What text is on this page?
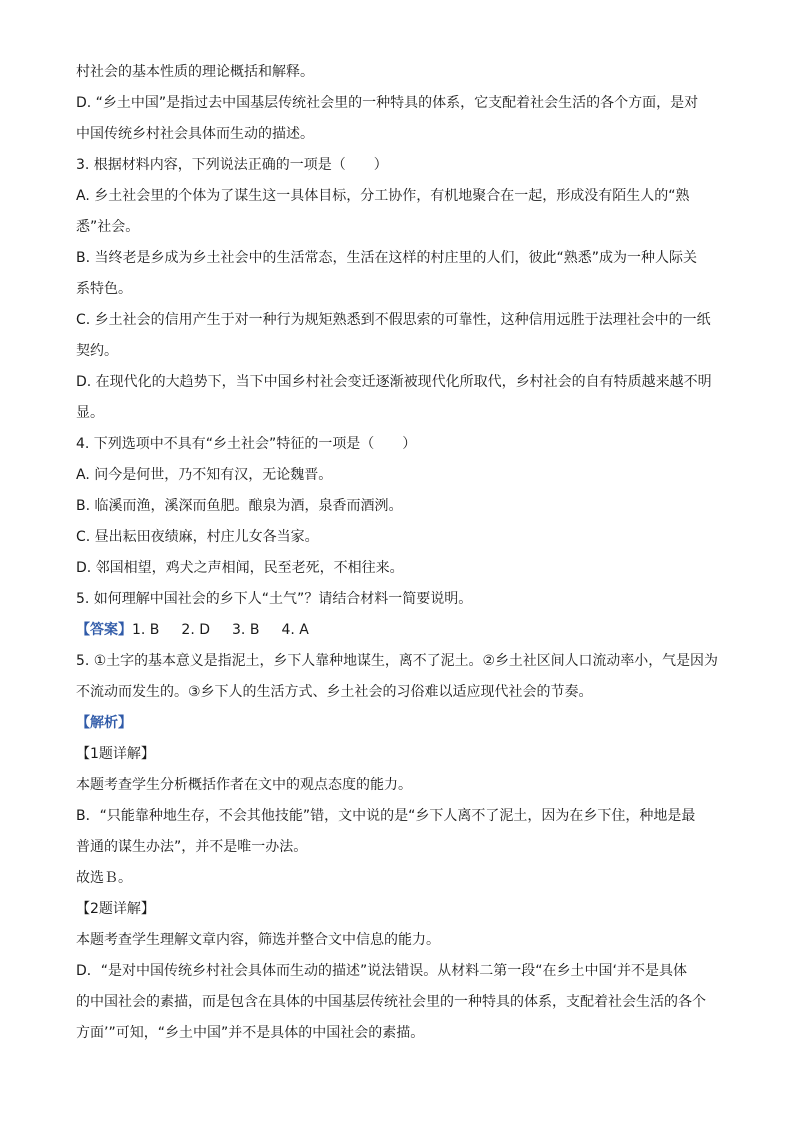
村社会的基本性质的理论概括和解释。
D. “乡土中国”是指过去中国基层传统社会里的一种特具的体系，它支配着社会生活的各个方面，是对
中国传统乡村社会具体而生动的描述。
3. 根据材料内容，下列说法正确的一项是（　　）
A. 乡土社会里的个体为了谋生这一具体目标，分工协作，有机地聚合在一起，形成没有陌生人的“熟
悉”社会。
B. 当终老是乡成为乡土社会中的生活常态，生活在这样的村庄里的人们，彼此“熟悉”成为一种人际关
系特色。
C. 乡土社会的信用产生于对一种行为规矩熟悉到不假思索的可靠性，这种信用远胜于法理社会中的一纸
契约。
D. 在现代化的大趋势下，当下中国乡村社会变迁逐渐被现代化所取代，乡村社会的自有特质越来越不明
显。
4. 下列选项中不具有“乡土社会”特征的一项是（　　）
A. 问今是何世，乃不知有汉，无论魏晋。
B. 临溪而渔，溪深而鱼肥。酿泉为酒，泉香而酒洌。
C. 昼出耘田夜绩麻，村庄儿女各当家。
D. 邻国相望，鸡犬之声相闻，民至老死，不相往来。
5. 如何理解中国社会的乡下人“土气”？请结合材料一简要说明。
【答案】1. B 2. D 3. B 4. A
5. ①土字的基本意义是指泥土，乡下人靠种地谋生，离不了泥土。②乡土社区间人口流动率小，气是因为
不流动而发生的。③乡下人的生活方式、乡土社会的习俗难以适应现代社会的节奏。
【解析】
【1题详解】
本题考查学生分析概括作者在文中的观点态度的能力。
B．“只能靠种地生存，不会其他技能”错，文中说的是“乡下人离不了泥土，因为在乡下住，种地是最
普通的谋生办法”，并不是唯一办法。
故选Ｂ。
【2题详解】
本题考查学生理解文章内容，筛选并整合文中信息的能力。
D．“是对中国传统乡村社会具体而生动的描述”说法错误。从材料二第一段“在乡土中国‘并不是具体
的中国社会的素描，而是包含在具体的中国基层传统社会里的一种特具的体系，支配着社会生活的各个
方面’”可知，“乡土中国”并不是具体的中国社会的素描。
